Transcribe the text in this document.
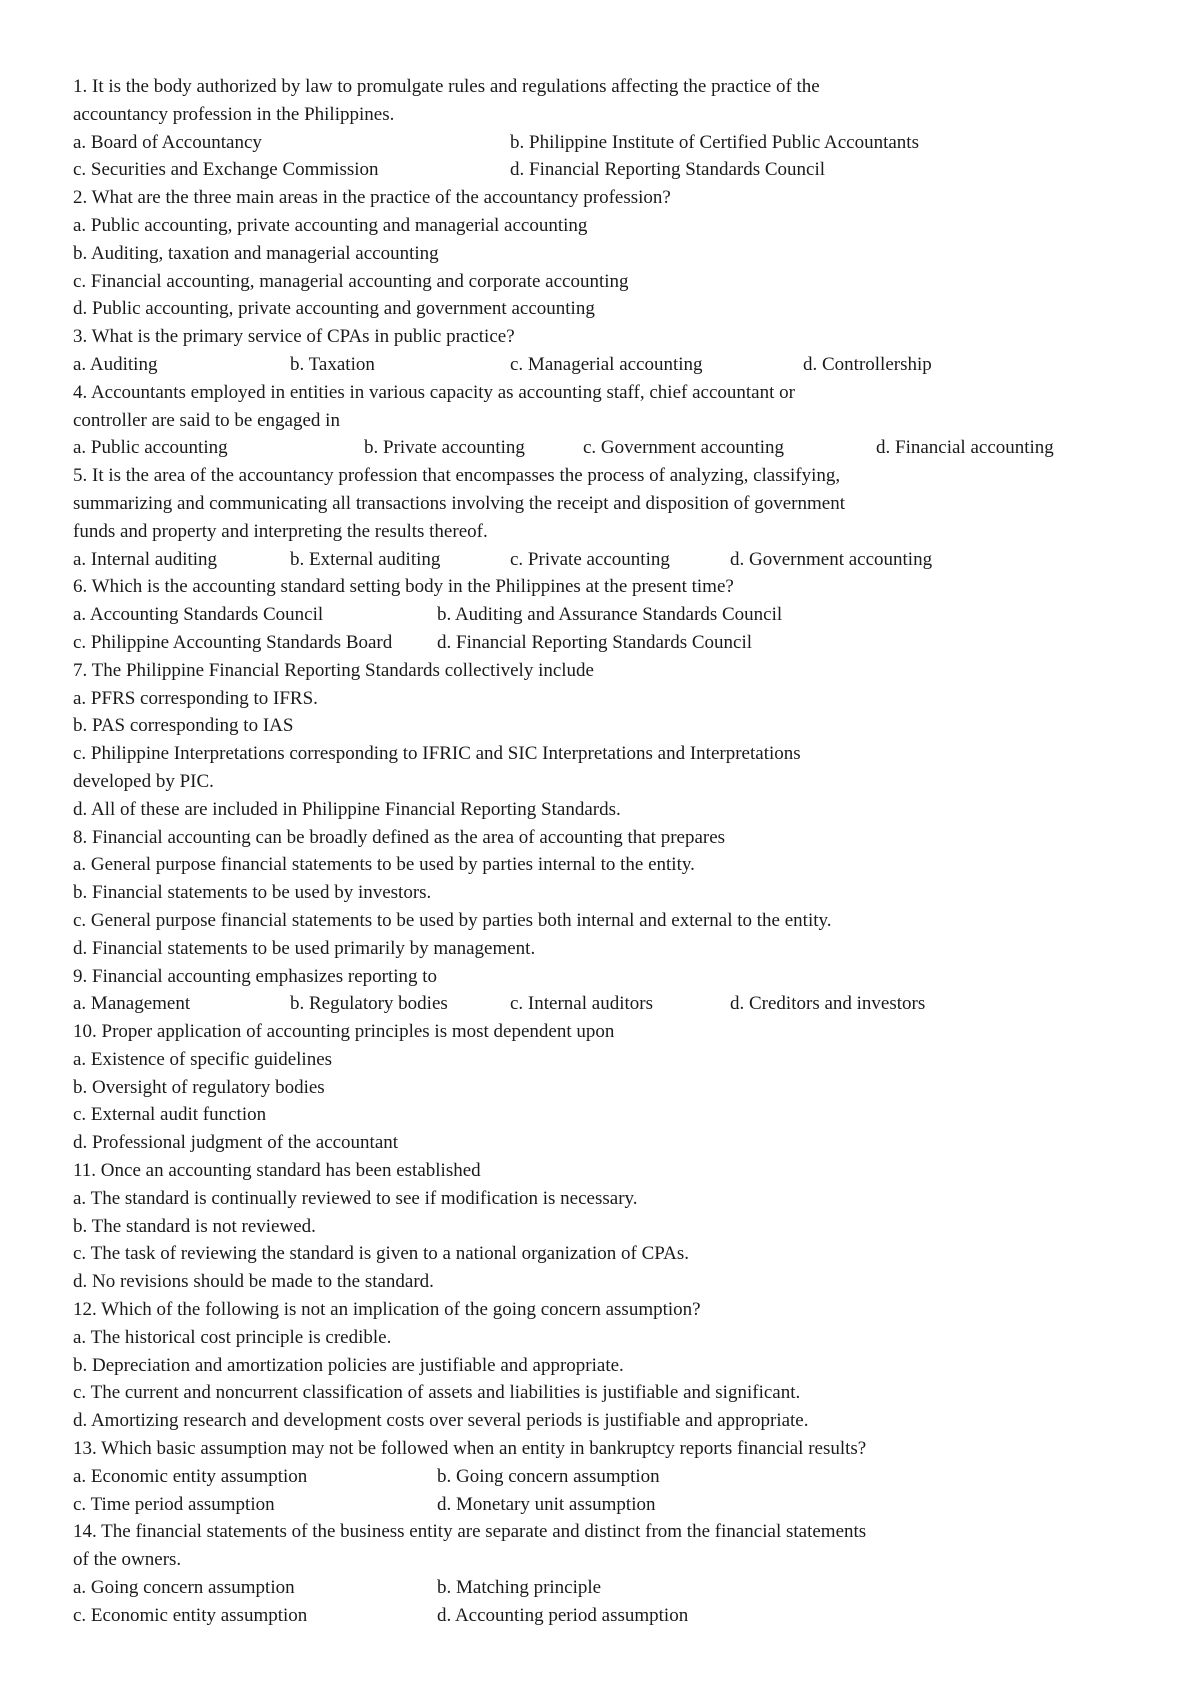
1. It is the body authorized by law to promulgate rules and regulations affecting the practice of the
accountancy profession in the Philippines.
a. Board of Accountancy	b. Philippine Institute of Certified Public Accountants
c. Securities and Exchange Commission	d. Financial Reporting Standards Council
2. What are the three main areas in the practice of the accountancy profession?
a. Public accounting, private accounting and managerial accounting
b. Auditing, taxation and managerial accounting
c. Financial accounting, managerial accounting and corporate accounting
d. Public accounting, private accounting and government accounting
3. What is the primary service of CPAs in public practice?
a. Auditing	b. Taxation	c. Managerial accounting	d. Controllership
4. Accountants employed in entities in various capacity as accounting staff, chief accountant or
controller are said to be engaged in
a. Public accounting	b. Private accounting	c. Government accounting	d. Financial accounting
5. It is the area of the accountancy profession that encompasses the process of analyzing, classifying,
summarizing and communicating all transactions involving the receipt and disposition of government
funds and property and interpreting the results thereof.
a. Internal auditing	b. External auditing	c. Private accounting	d. Government accounting
6. Which is the accounting standard setting body in the Philippines at the present time?
a. Accounting Standards Council	b. Auditing and Assurance Standards Council
c. Philippine Accounting Standards Board d. Financial Reporting Standards Council
7. The Philippine Financial Reporting Standards collectively include
a. PFRS corresponding to IFRS.
b. PAS corresponding to IAS
c. Philippine Interpretations corresponding to IFRIC and SIC Interpretations and Interpretations
developed by PIC.
d. All of these are included in Philippine Financial Reporting Standards.
8. Financial accounting can be broadly defined as the area of accounting that prepares
a. General purpose financial statements to be used by parties internal to the entity.
b. Financial statements to be used by investors.
c. General purpose financial statements to be used by parties both internal and external to the entity.
d. Financial statements to be used primarily by management.
9. Financial accounting emphasizes reporting to
a. Management	b. Regulatory bodies	c. Internal auditors	d. Creditors and investors
10. Proper application of accounting principles is most dependent upon
a. Existence of specific guidelines
b. Oversight of regulatory bodies
c. External audit function
d. Professional judgment of the accountant
11. Once an accounting standard has been established
a. The standard is continually reviewed to see if modification is necessary.
b. The standard is not reviewed.
c. The task of reviewing the standard is given to a national organization of CPAs.
d. No revisions should be made to the standard.
12. Which of the following is not an implication of the going concern assumption?
a. The historical cost principle is credible.
b. Depreciation and amortization policies are justifiable and appropriate.
c. The current and noncurrent classification of assets and liabilities is justifiable and significant.
d. Amortizing research and development costs over several periods is justifiable and appropriate.
13. Which basic assumption may not be followed when an entity in bankruptcy reports financial results?
a. Economic entity assumption	b. Going concern assumption
c. Time period assumption	d. Monetary unit assumption
14. The financial statements of the business entity are separate and distinct from the financial statements
of the owners.
a. Going concern assumption	b. Matching principle
c. Economic entity assumption	d. Accounting period assumption
